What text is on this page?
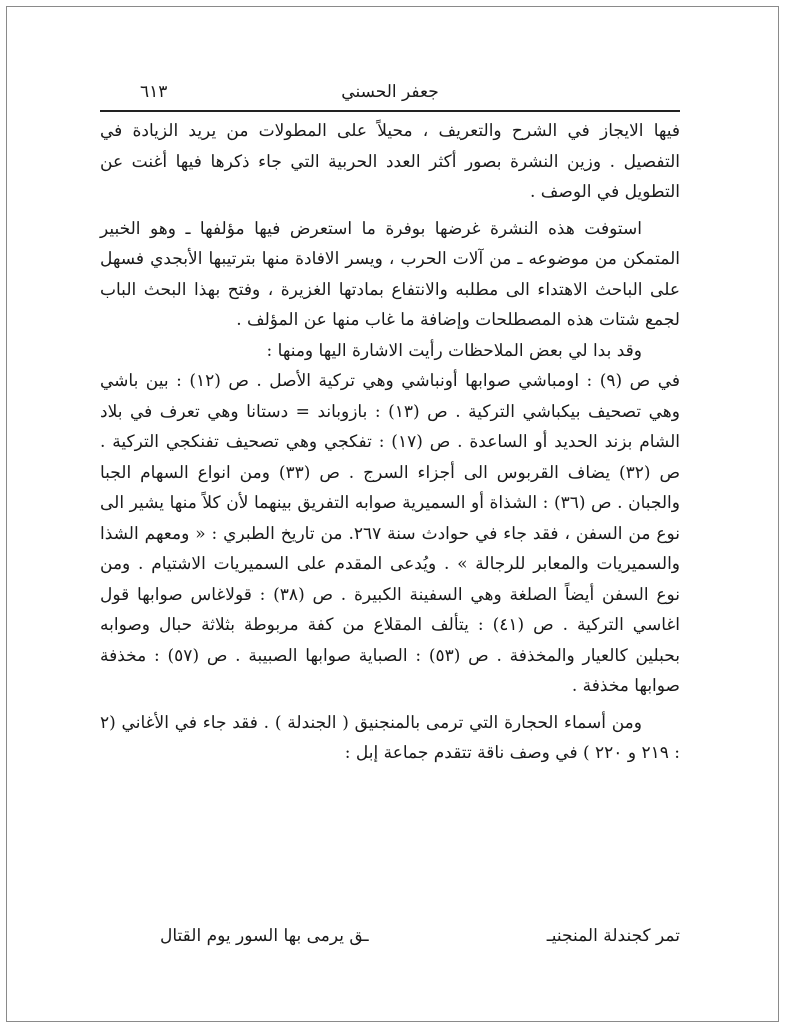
جعفر الحسني
٦١٣

فيها الايجاز في الشرح والتعريف ، محيلاً على المطولات من يريد الزيادة في التفصيل . وزين النشرة بصور أكثر العدد الحربية التي جاء ذكرها فيها أغنت عن التطويل في الوصف .

استوفت هذه النشرة غرضها بوفرة ما استعرض فيها مؤلفها ـ وهو الخبير المتمكن من موضوعه ـ من آلات الحرب ، ويسر الافادة منها بترتيبها الأبجدي فسهل على الباحث الاهتداء الى مطلبه والانتفاع بمادتها الغزيرة ، وفتح بهذا البحث الباب لجمع شتات هذه المصطلحات وإضافة ما غاب منها عن المؤلف .

وقد بدا لي بعض الملاحظات رأيت الاشارة اليها ومنها :

في ص (٩) : اومباشي صوابها أونباشي وهي تركية الأصل . ص (١٢) : بين باشي وهي تصحيف بيكباشي التركية . ص (١٣) : بازوباند = دستانا وهي تعرف في بلاد الشام بزند الحديد أو الساعدة . ص (١٧) : تفكجي وهي تصحيف تفنكجي التركية . ص (٣٢) يضاف القربوس الى أجزاء السرج . ص (٣٣) ومن انواع السهام الجبا والجبان . ص (٣٦) : الشذاة أو السميرية صوابه التفريق بينهما لأن كلاً منها يشير الى نوع من السفن ، فقد جاء في حوادث سنة ٢٦٧. من تاريخ الطبري : « ومعهم الشذا والسميريات والمعابر للرجالة » . ويُدعى المقدم على السميريات الاشتيام . ومن نوع السفن أيضاً الصلغة وهي السفينة الكبيرة . ص (٣٨) : قولاغاس صوابها قول اغاسي التركية . ص (٤١) : يتألف المقلاع من كفة مربوطة بثلاثة حبال وصوابه بحبلين كالعيار والمخذفة . ص (٥٣) : الصباية صوابها الصبيبة . ص (٥٧) : مخذفة صوابها مخذفة .

ومن أسماء الحجارة التي ترمى بالمنجنيق ( الجندلة ) . فقد جاء في الأغاني (٢ : ٢١٩ و ٢٢٠ ) في وصف ناقة تتقدم جماعة إبل :

تمر كجندلة المنجنيـ
ـق يرمى بها السور يوم القتال
